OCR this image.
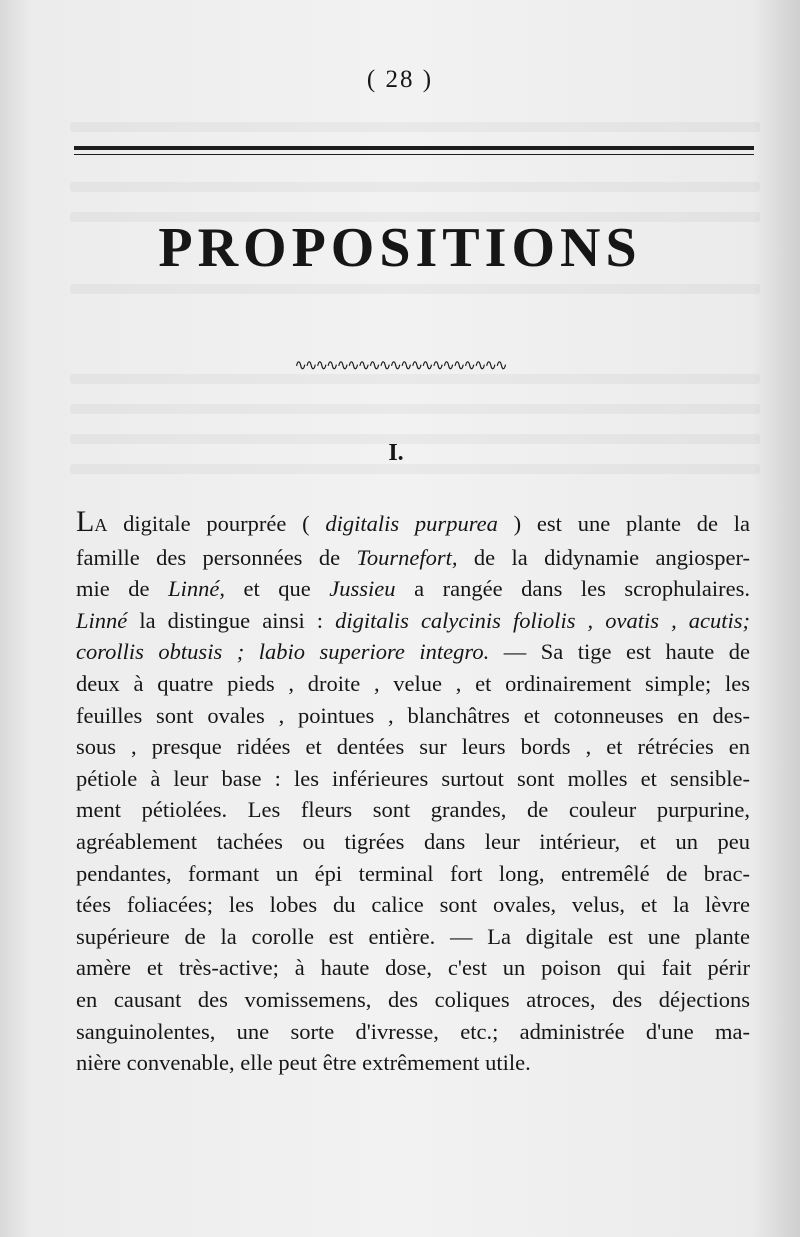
( 28 )
PROPOSITIONS
∿∿∿∿∿∿∿∿∿∿∿∿∿∿∿∿∿∿∿∿
I.
LA digitale pourprée ( digitalis purpurea ) est une plante de la
famille des personnées de Tournefort, de la didynamie angiosper-
mie de Linné, et que Jussieu a rangée dans les scrophulaires.
Linné la distingue ainsi : digitalis calycinis foliolis , ovatis , acutis;
corollis obtusis ; labio superiore integro. — Sa tige est haute de
deux à quatre pieds , droite , velue , et ordinairement simple; les
feuilles sont ovales , pointues , blanchâtres et cotonneuses en des-
sous , presque ridées et dentées sur leurs bords , et rétrécies en
pétiole à leur base : les inférieures surtout sont molles et sensible-
ment pétiolées. Les fleurs sont grandes, de couleur purpurine,
agréablement tachées ou tigrées dans leur intérieur, et un peu
pendantes, formant un épi terminal fort long, entremêlé de brac-
tées foliacées; les lobes du calice sont ovales, velus, et la lèvre
supérieure de la corolle est entière. — La digitale est une plante
amère et très-active; à haute dose, c'est un poison qui fait périr
en causant des vomissemens, des coliques atroces, des déjections
sanguinolentes, une sorte d'ivresse, etc.; administrée d'une ma-
nière convenable, elle peut être extrêmement utile.
